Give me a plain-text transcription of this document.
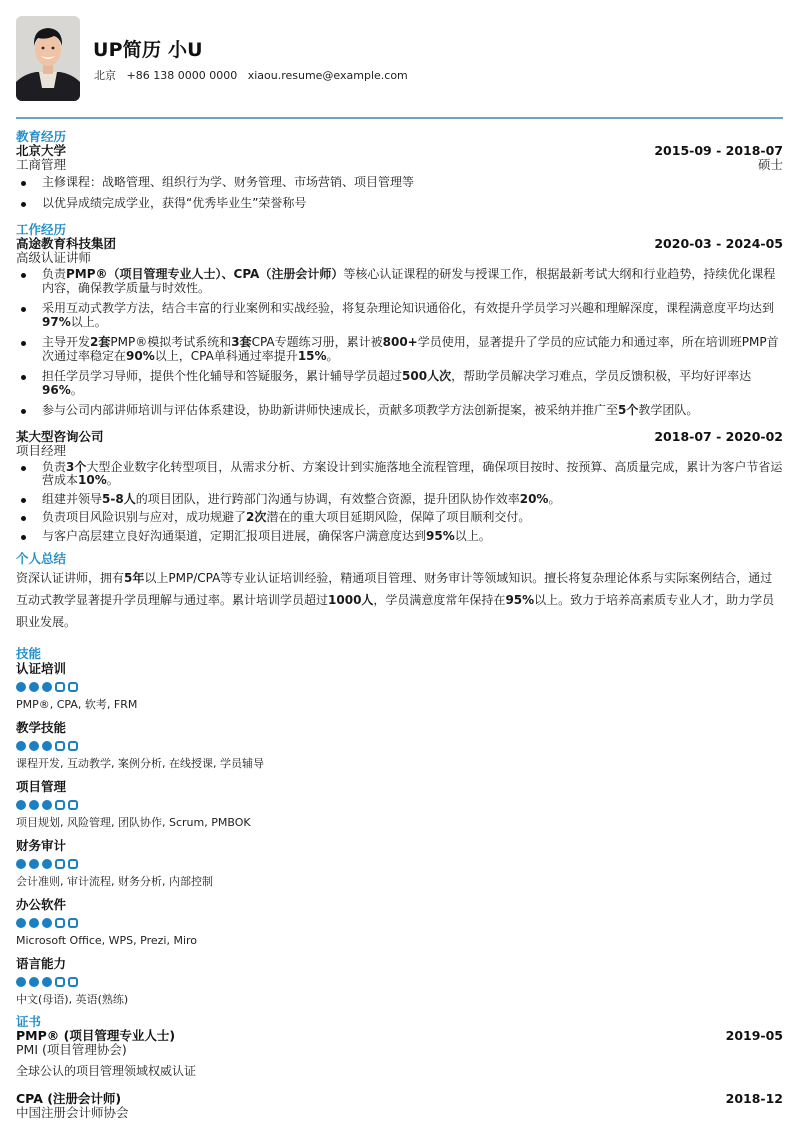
UP简历 小U
北京 +86 138 0000 0000 xiaou.resume@example.com
教育经历
北京大学
工商管理
2015-09 - 2018-07
硕士
主修课程：战略管理、组织行为学、财务管理、市场营销、项目管理等
以优异成绩完成学业，获得“优秀毕业生”荣誉称号
工作经历
高途教育科技集团
高级认证讲师
2020-03 - 2024-05
负责PMP®（项目管理专业人士）、CPA（注册会计师）等核心认证课程的研发与授课工作，根据最新考试大纲和行业趋势，持续优化课程内容，确保教学质量与时效性。
采用互动式教学方法，结合丰富的行业案例和实战经验，将复杂理论知识通俗化，有效提升学员学习兴趣和理解深度，课程满意度平均达到97%以上。
主导开发2套PMP®模拟考试系统和3套CPA专题练习册，累计被800+学员使用，显著提升了学员的应试能力和通过率，所在培训班PMP首次通过率稳定在90%以上，CPA单科通过率提升15%。
担任学员学习导师，提供个性化辅导和答疑服务，累计辅导学员超过500人次，帮助学员解决学习难点，学员反馈积极，平均好评率达96%。
参与公司内部讲师培训与评估体系建设，协助新讲师快速成长，贡献多项教学方法创新提案，被采纳并推广至5个教学团队。
某大型咨询公司
项目经理
2018-07 - 2020-02
负责3个大型企业数字化转型项目，从需求分析、方案设计到实施落地全流程管理，确保项目按时、按预算、高质量完成，累计为客户节省运营成本10%。
组建并领导5-8人的项目团队，进行跨部门沟通与协调，有效整合资源，提升团队协作效率20%。
负责项目风险识别与应对，成功规避了2次潜在的重大项目延期风险，保障了项目顺利交付。
与客户高层建立良好沟通渠道，定期汇报项目进展，确保客户满意度达到95%以上。
个人总结
资深认证讲师，拥有5年以上PMP/CPA等专业认证培训经验，精通项目管理、财务审计等领域知识。擅长将复杂理论体系与实际案例结合，通过互动式教学显著提升学员理解与通过率。累计培训学员超过1000人，学员满意度常年保持在95%以上。致力于培养高素质专业人才，助力学员职业发展。
技能
认证培训
PMP®, CPA, 软考, FRM
教学技能
课程开发, 互动教学, 案例分析, 在线授课, 学员辅导
项目管理
项目规划, 风险管理, 团队协作, Scrum, PMBOK
财务审计
会计准则, 审计流程, 财务分析, 内部控制
办公软件
Microsoft Office, WPS, Prezi, Miro
语言能力
中文(母语), 英语(熟练)
证书
PMP® (项目管理专业人士)
PMI (项目管理协会)
2019-05
全球公认的项目管理领域权威认证
CPA (注册会计师)
中国注册会计师协会
2018-12
